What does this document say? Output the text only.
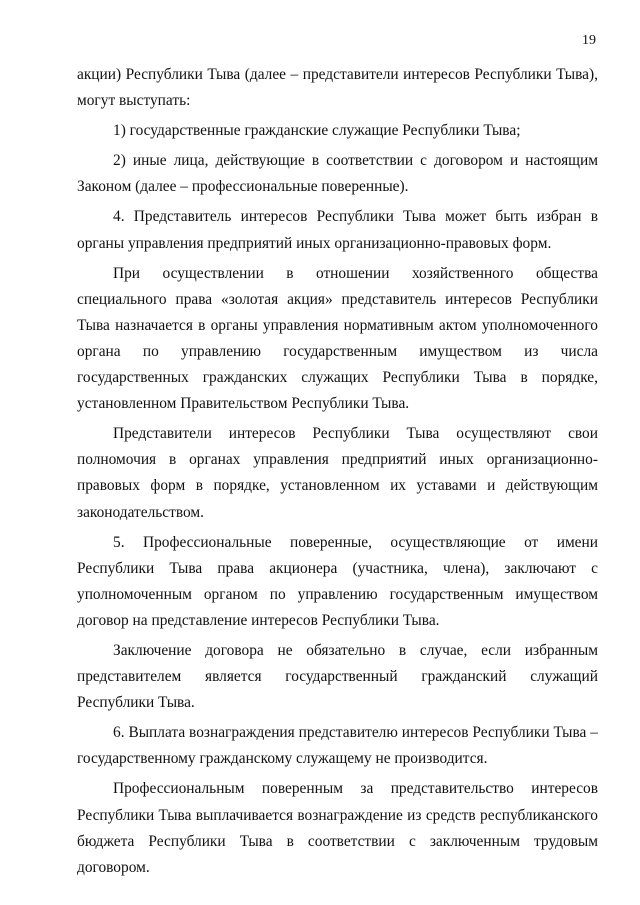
19

акции) Республики Тыва (далее – представители интересов Республики Тыва), могут выступать:

1) государственные гражданские служащие Республики Тыва;

2) иные лица, действующие в соответствии с договором и настоящим Законом (далее – профессиональные поверенные).

4. Представитель интересов Республики Тыва может быть избран в органы управления предприятий иных организационно-правовых форм.

При осуществлении в отношении хозяйственного общества специального права «золотая акция» представитель интересов Республики Тыва назначается в органы управления нормативным актом уполномоченного органа по управлению государственным имуществом из числа государственных гражданских служащих Республики Тыва в порядке, установленном Правительством Республики Тыва.

Представители интересов Республики Тыва осуществляют свои полномочия в органах управления предприятий иных организационно-правовых форм в порядке, установленном их уставами и действующим законодательством.

5. Профессиональные поверенные, осуществляющие от имени Республики Тыва права акционера (участника, члена), заключают с уполномоченным органом по управлению государственным имуществом договор на представление интересов Республики Тыва.

Заключение договора не обязательно в случае, если избранным представителем является государственный гражданский служащий Республики Тыва.

6. Выплата вознаграждения представителю интересов Республики Тыва – государственному гражданскому служащему не производится.

Профессиональным поверенным за представительство интересов Республики Тыва выплачивается вознаграждение из средств республиканского бюджета Республики Тыва в соответствии с заключенным трудовым договором.
